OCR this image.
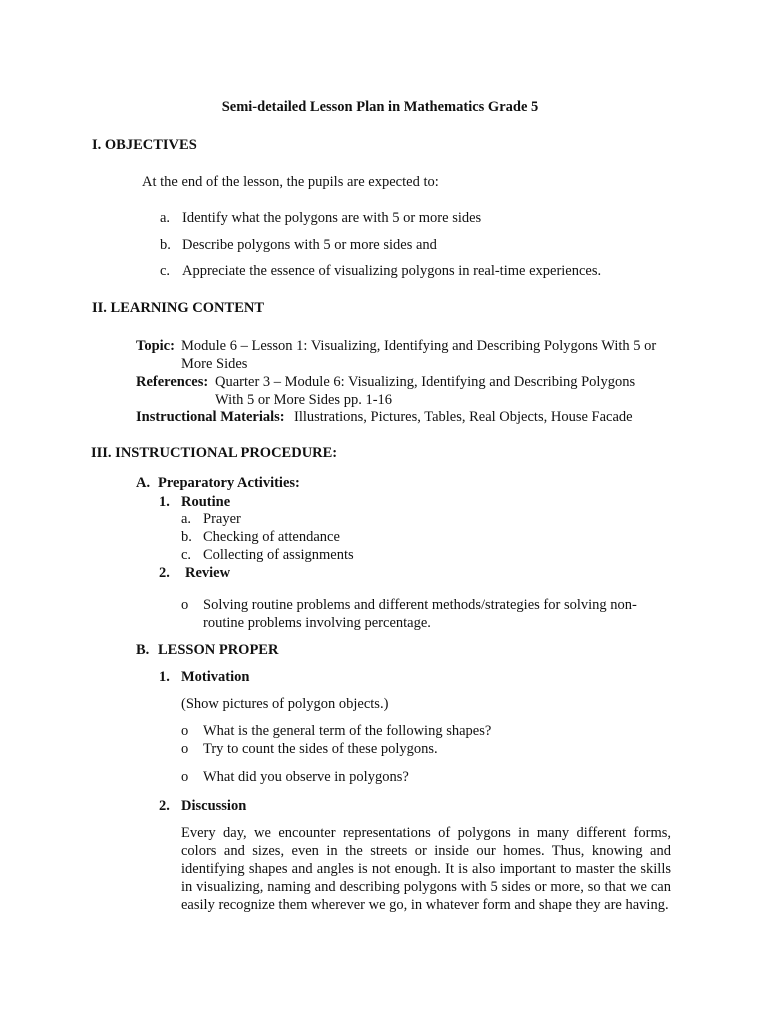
Semi-detailed Lesson Plan in Mathematics Grade 5
I. OBJECTIVES
At the end of the lesson, the pupils are expected to:
a. Identify what the polygons are with 5 or more sides
b. Describe polygons with 5 or more sides and
c. Appreciate the essence of visualizing polygons in real-time experiences.
II. LEARNING CONTENT
Topic: Module 6 – Lesson 1: Visualizing, Identifying and Describing Polygons With 5 or
More Sides
References: Quarter 3 – Module 6: Visualizing, Identifying and Describing Polygons
With 5 or More Sides pp. 1-16
Instructional Materials: Illustrations, Pictures, Tables, Real Objects, House Facade
III. INSTRUCTIONAL PROCEDURE:
A. Preparatory Activities:
1. Routine
a. Prayer
b. Checking of attendance
c. Collecting of assignments
2. Review
o Solving routine problems and different methods/strategies for solving non-
routine problems involving percentage.
B. LESSON PROPER
1. Motivation
(Show pictures of polygon objects.)
o What is the general term of the following shapes?
o Try to count the sides of these polygons.
o What did you observe in polygons?
2. Discussion
Every day, we encounter representations of polygons in many different forms, colors and sizes, even in the streets or inside our homes. Thus, knowing and identifying shapes and angles is not enough. It is also important to master the skills in visualizing, naming and describing polygons with 5 sides or more, so that we can easily recognize them wherever we go, in whatever form and shape they are having.
